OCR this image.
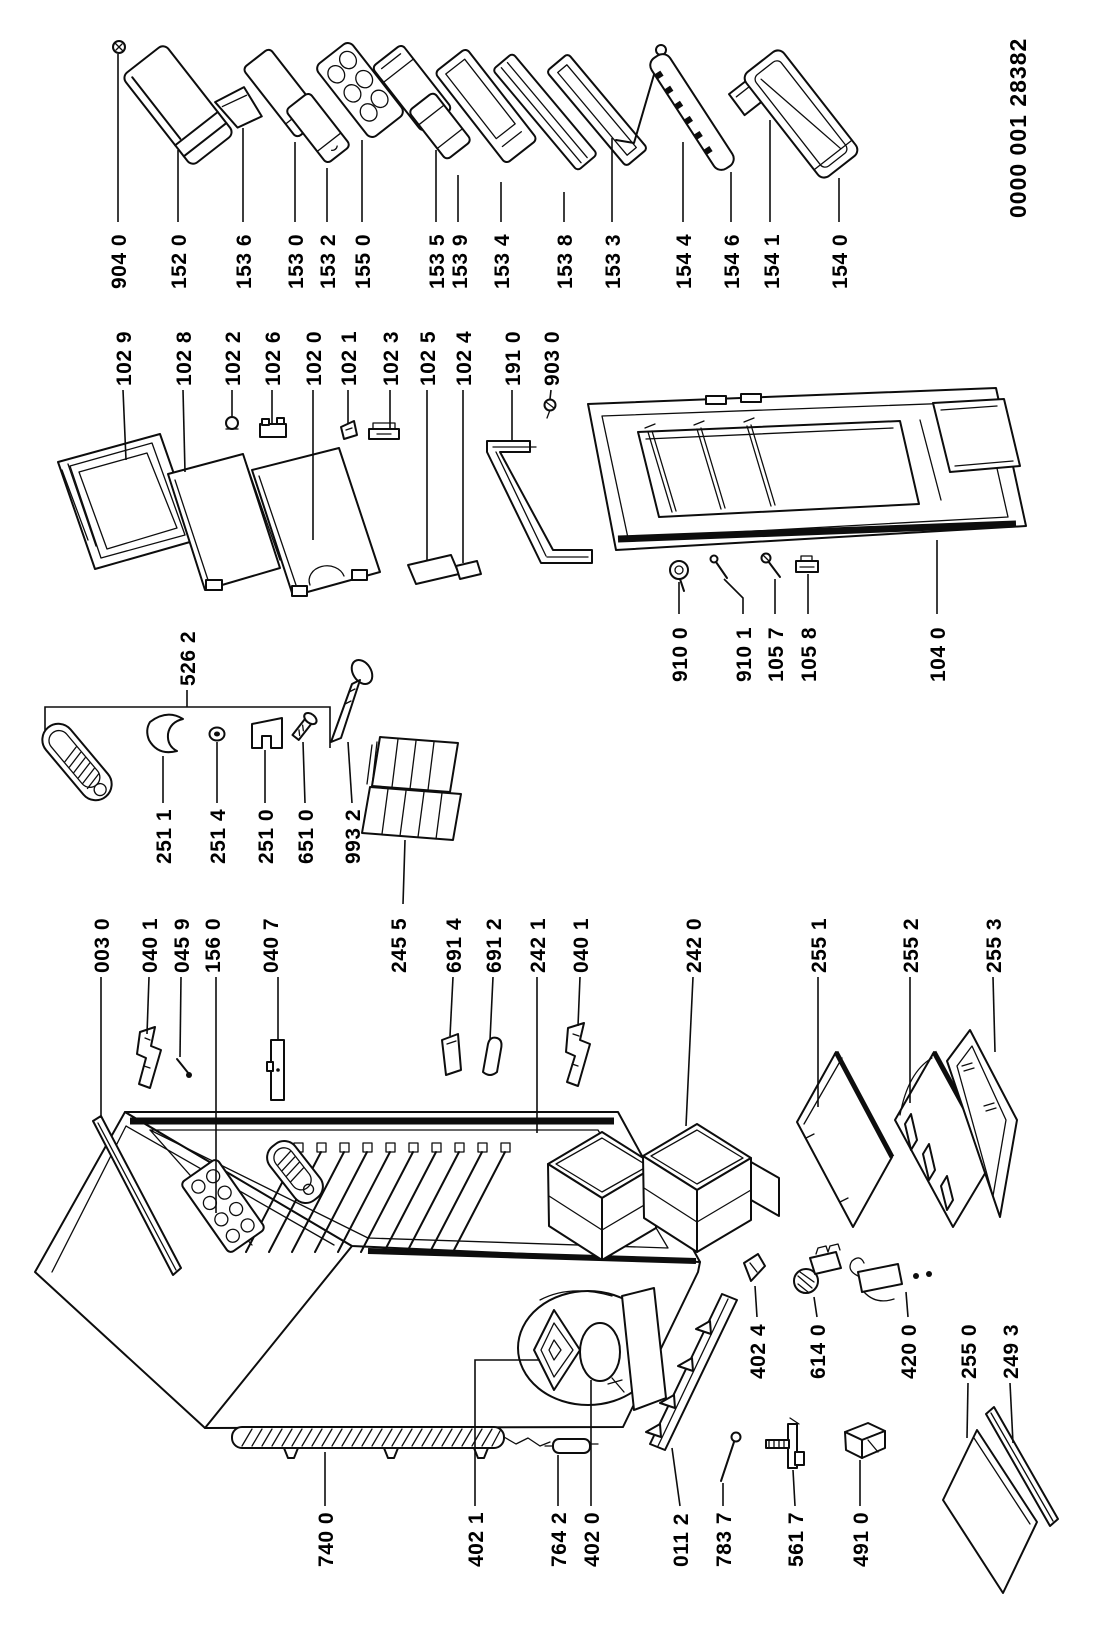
904 0 152 0 153 6 153 0 153 2 155 0 153 5 153 9 153 4 153 8 153 3 154 4 154 6 154 1 154 0
0000 001 28382
102 9 102 8 102 2 102 6 102 0 102 1 102 3 102 5 102 4 191 0 903 0
910 0 910 1 105 7 105 8	104 0
526 2
251 1 251 4 251 0 651 0 993 2
003 0 040 1 045 9 156 0 040 7	245 5 691 4 691 2 242 1 040 1	242 0	255 1	255 2	255 3
402 4 614 0	420 0 255 0 249 3
740 0	402 1	764 2 402 0	011 2 783 7 561 7 491 0
